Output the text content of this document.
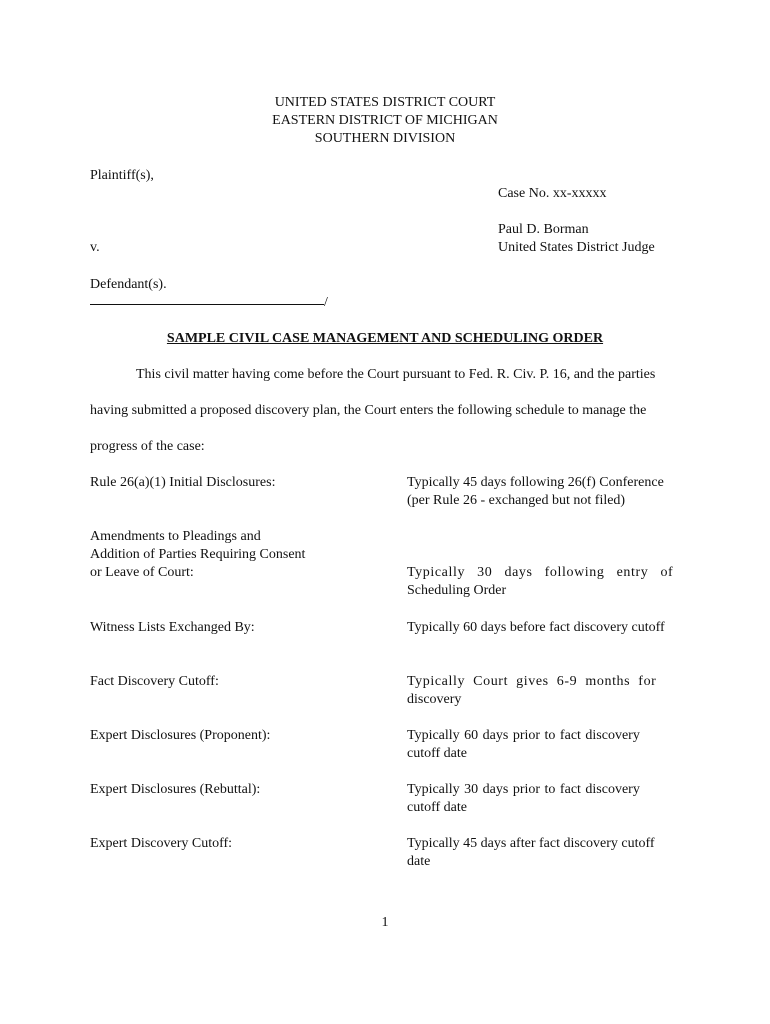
UNITED STATES DISTRICT COURT
EASTERN DISTRICT OF MICHIGAN
SOUTHERN DIVISION
Plaintiff(s),
Case No. xx-xxxxx
Paul D. Borman
v.	United States District Judge
Defendant(s).
/
SAMPLE CIVIL CASE MANAGEMENT AND SCHEDULING ORDER
This civil matter having come before the Court pursuant to Fed. R. Civ. P. 16, and the parties
having submitted a proposed discovery plan, the Court enters the following schedule to manage the
progress of the case:
Rule 26(a)(1) Initial Disclosures:	Typically 45 days following 26(f) Conference
(per Rule 26 - exchanged but not filed)
Amendments to Pleadings and
Addition of Parties Requiring Consent
or Leave of Court:	Typically 30 days following entry of
Scheduling Order
Witness Lists Exchanged By:	Typically 60 days before fact discovery cutoff
Fact Discovery Cutoff:	Typically Court gives 6-9 months for
discovery
Expert Disclosures (Proponent):	Typically 60 days prior to fact discovery
cutoff date
Expert Disclosures (Rebuttal):	Typically 30 days prior to fact discovery
cutoff date
Expert Discovery Cutoff:	Typically 45 days after fact discovery cutoff
date
1
